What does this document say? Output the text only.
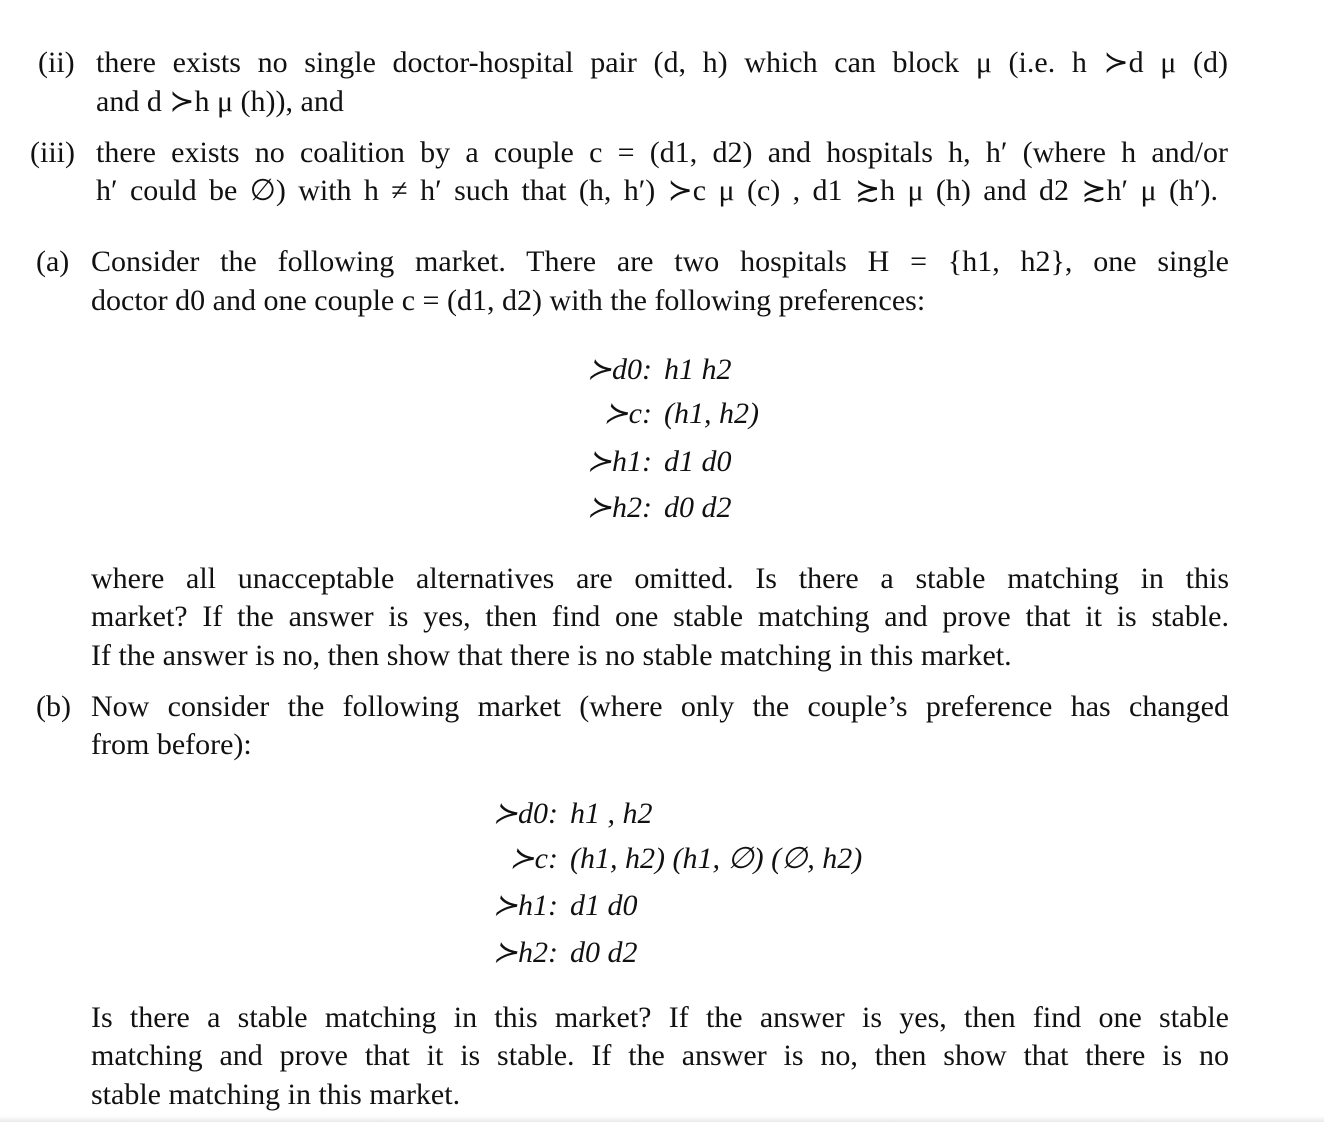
(ii) there exists no single doctor-hospital pair (d, h) which can block μ (i.e. h ≻d μ (d)
and d ≻h μ (h)), and
(iii) there exists no coalition by a couple c = (d1, d2) and hospitals h, h′ (where h and/or
h′ could be ∅) with h ≠ h′ such that (h, h′) ≻c μ (c) , d1 ≿h μ (h) and d2 ≿h′ μ (h′).
(a) Consider the following market. There are two hospitals H = {h1, h2}, one single
doctor d0 and one couple c = (d1, d2) with the following preferences:
≻d0: h1 h2
≻c: (h1, h2)
≻h1: d1 d0
≻h2: d0 d2
where all unacceptable alternatives are omitted. Is there a stable matching in this
market? If the answer is yes, then find one stable matching and prove that it is stable.
If the answer is no, then show that there is no stable matching in this market.
(b) Now consider the following market (where only the couple’s preference has changed
from before):
≻d0: h1 , h2
≻c: (h1, h2) (h1, ∅) (∅, h2)
≻h1: d1 d0
≻h2: d0 d2
Is there a stable matching in this market? If the answer is yes, then find one stable
matching and prove that it is stable. If the answer is no, then show that there is no
stable matching in this market.
